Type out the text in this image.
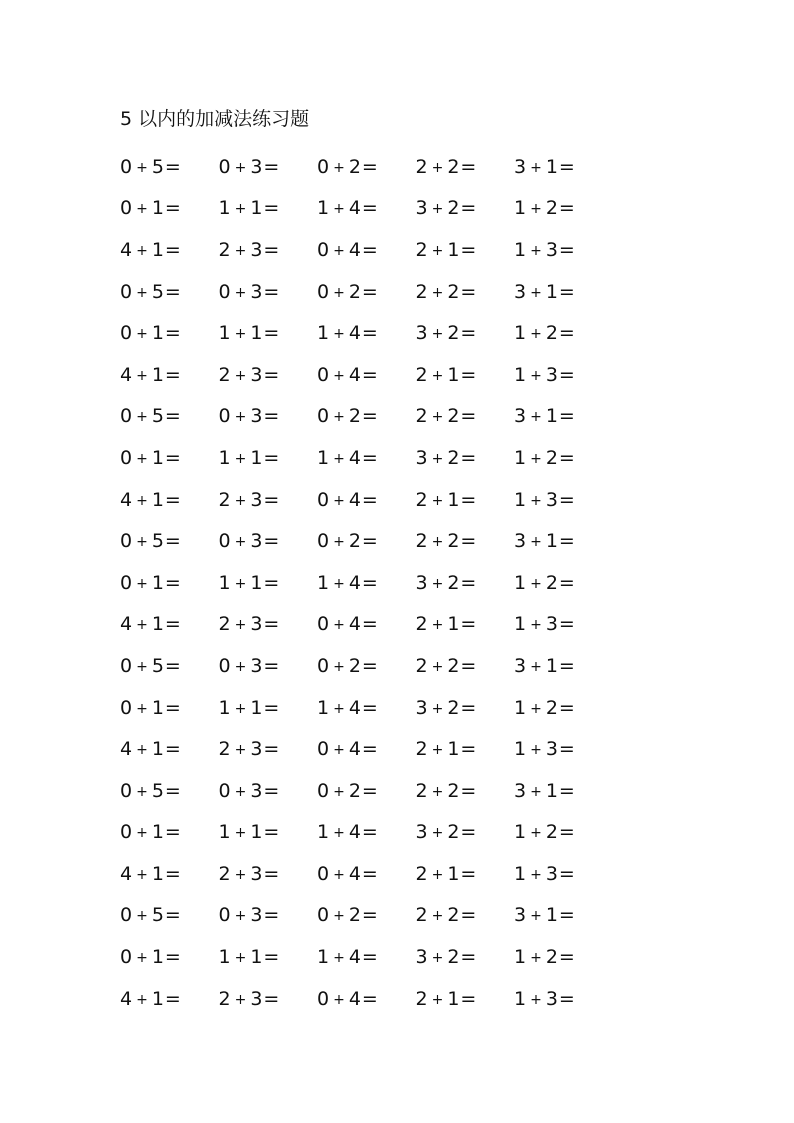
5 以内的加减法练习题
0 + 5=	0 + 3=	0 + 2=	2 + 2=	3 + 1=
0 + 1=	1 + 1=	1 + 4=	3 + 2=	1 + 2=
4 + 1=	2 + 3=	0 + 4=	2 + 1=	1 + 3=
0 + 5=	0 + 3=	0 + 2=	2 + 2=	3 + 1=
0 + 1=	1 + 1=	1 + 4=	3 + 2=	1 + 2=
4 + 1=	2 + 3=	0 + 4=	2 + 1=	1 + 3=
0 + 5=	0 + 3=	0 + 2=	2 + 2=	3 + 1=
0 + 1=	1 + 1=	1 + 4=	3 + 2=	1 + 2=
4 + 1=	2 + 3=	0 + 4=	2 + 1=	1 + 3=
0 + 5=	0 + 3=	0 + 2=	2 + 2=	3 + 1=
0 + 1=	1 + 1=	1 + 4=	3 + 2=	1 + 2=
4 + 1=	2 + 3=	0 + 4=	2 + 1=	1 + 3=
0 + 5=	0 + 3=	0 + 2=	2 + 2=	3 + 1=
0 + 1=	1 + 1=	1 + 4=	3 + 2=	1 + 2=
4 + 1=	2 + 3=	0 + 4=	2 + 1=	1 + 3=
0 + 5=	0 + 3=	0 + 2=	2 + 2=	3 + 1=
0 + 1=	1 + 1=	1 + 4=	3 + 2=	1 + 2=
4 + 1=	2 + 3=	0 + 4=	2 + 1=	1 + 3=
0 + 5=	0 + 3=	0 + 2=	2 + 2=	3 + 1=
0 + 1=	1 + 1=	1 + 4=	3 + 2=	1 + 2=
4 + 1=	2 + 3=	0 + 4=	2 + 1=	1 + 3=
